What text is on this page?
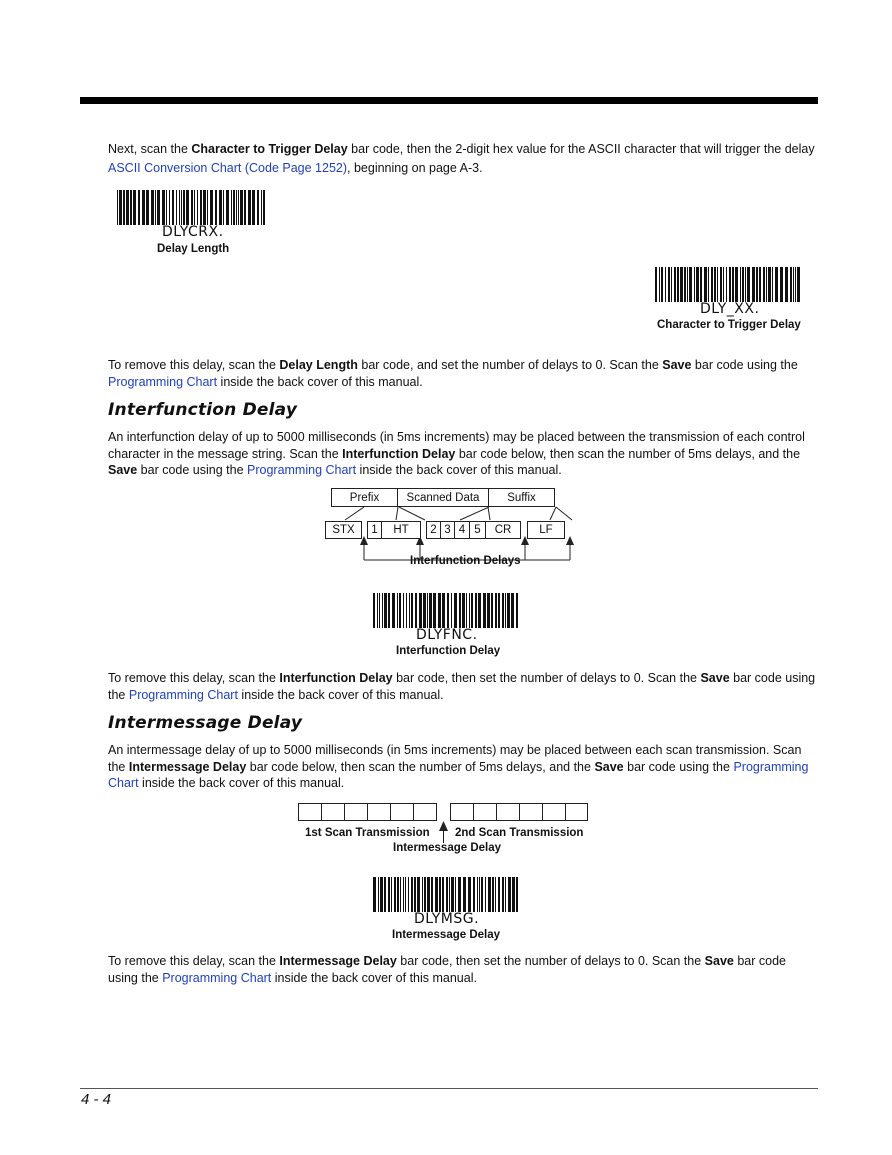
Next, scan the Character to Trigger Delay bar code, then the 2-digit hex value for the ASCII character that will trigger the delay ASCII Conversion Chart (Code Page 1252), beginning on page A-3.
DLYCRX.
Delay Length
DLY_XX.
Character to Trigger Delay
To remove this delay, scan the Delay Length bar code, and set the number of delays to 0. Scan the Save bar code using the Programming Chart inside the back cover of this manual.
Interfunction Delay
An interfunction delay of up to 5000 milliseconds (in 5ms increments) may be placed between the transmission of each control character in the message string. Scan the Interfunction Delay bar code below, then scan the number of 5ms delays, and the Save bar code using the Programming Chart inside the back cover of this manual.
Prefix	Scanned Data	Suffix
STX	1	HT	2 3 4 5	CR	LF
Interfunction Delays
DLYFNC.
Interfunction Delay
To remove this delay, scan the Interfunction Delay bar code, then set the number of delays to 0. Scan the Save bar code using the Programming Chart inside the back cover of this manual.
Intermessage Delay
An intermessage delay of up to 5000 milliseconds (in 5ms increments) may be placed between each scan transmission. Scan the Intermessage Delay bar code below, then scan the number of 5ms delays, and the Save bar code using the Programming Chart inside the back cover of this manual.
1st Scan Transmission 2nd Scan Transmission
Intermessage Delay
DLYMSG.
Intermessage Delay
To remove this delay, scan the Intermessage Delay bar code, then set the number of delays to 0. Scan the Save bar code using the Programming Chart inside the back cover of this manual.
4 - 4
